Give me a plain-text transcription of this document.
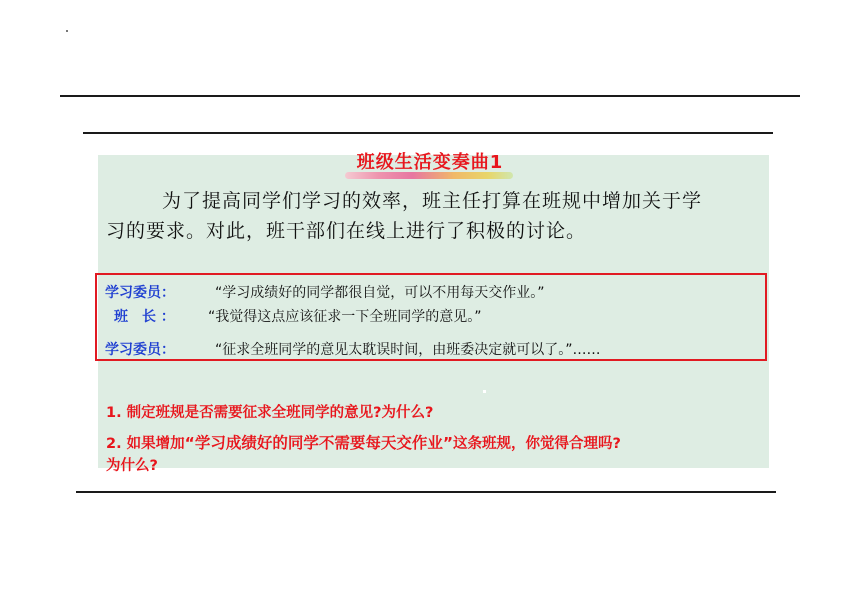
班级生活变奏曲1
为了提高同学们学习的效率，班主任打算在班规中增加关于学
习的要求。对此，班干部们在线上进行了积极的讨论。
学习委员：	“学习成绩好的同学都很自觉，可以不用每天交作业。”
班　长 ： “我觉得这点应该征求一下全班同学的意见。”
学习委员：	“征求全班同学的意见太耽误时间，由班委决定就可以了。”……
1. 制定班规是否需要征求全班同学的意见?为什么?
2. 如果增加“学习成绩好的同学不需要每天交作业”这条班规，你觉得合理吗?
为什么?
